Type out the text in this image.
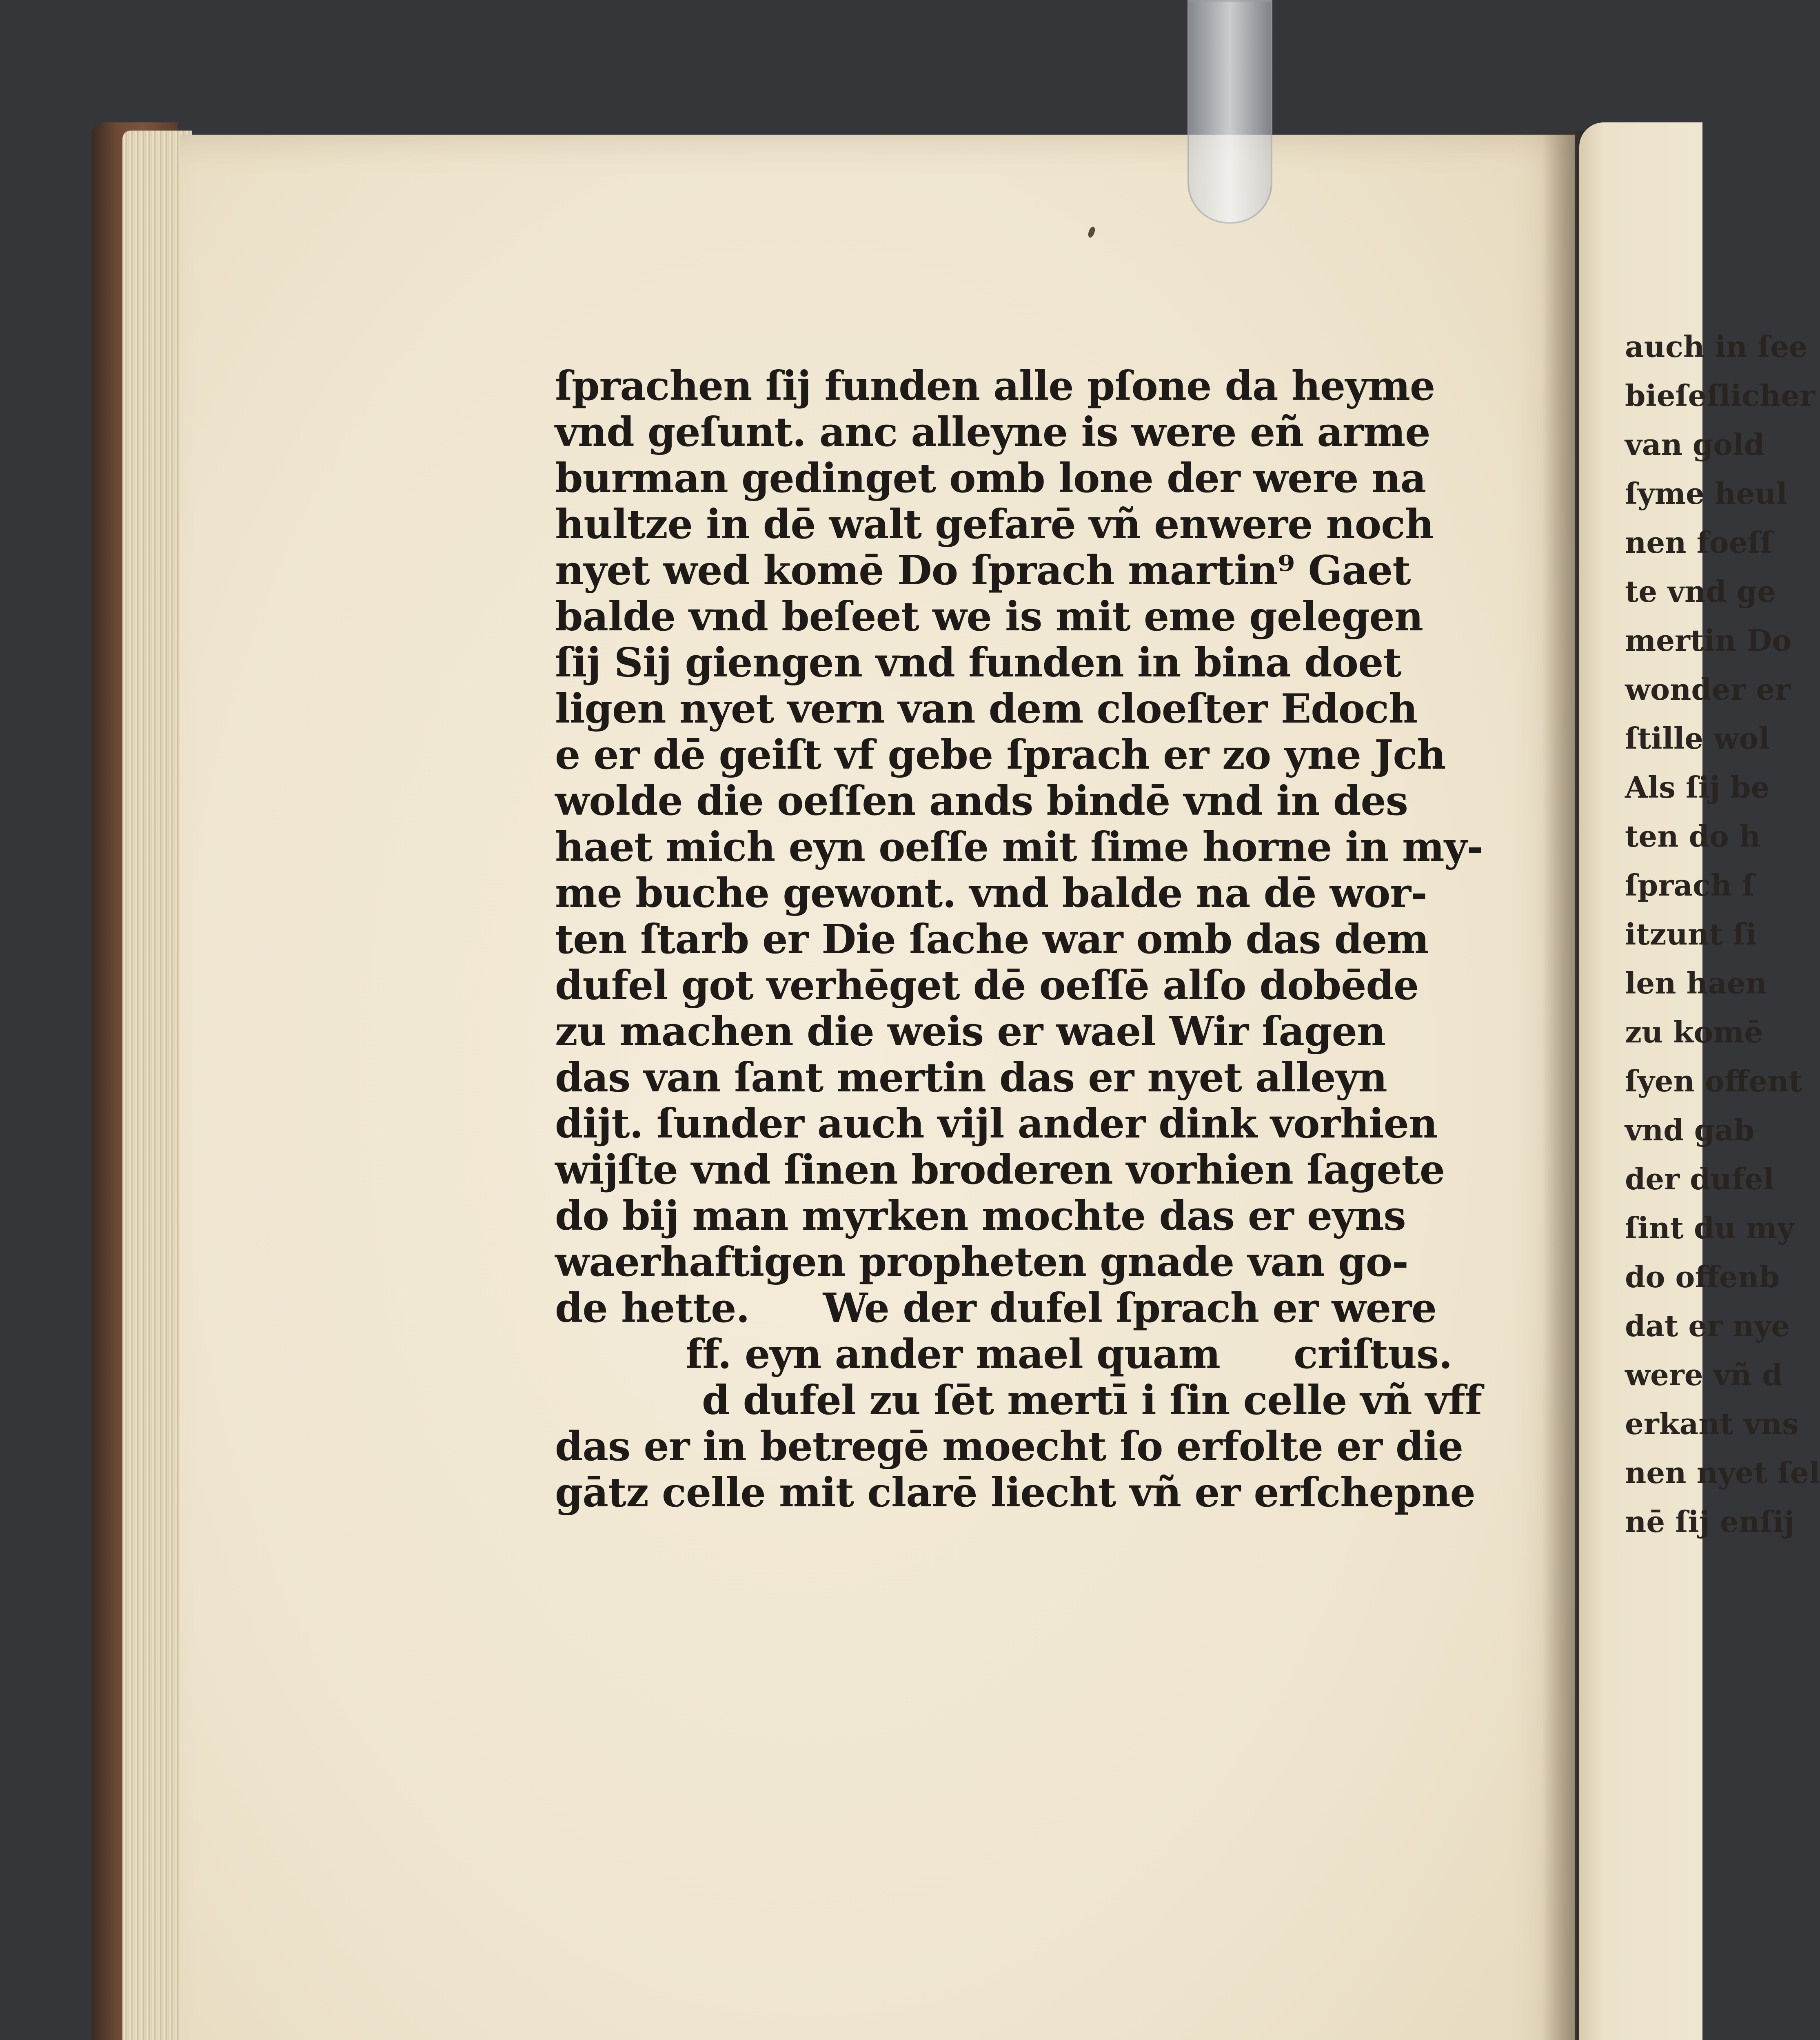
ſprachen ſij funden alle pſone da heyme
vnd geſunt. anc alleyne is were eñ arme
burman gedinget omb lone der were na
hultze in dē walt gefarē vñ enwere noch
nyet wed komē Do ſprach martin⁹ Gaet
balde vnd beſeet we is mit eme gelegen
ſij Sij giengen vnd funden in bina doet
ligen nyet vern van dem cloeſter Edoch
e er dē geiſt vf gebe ſprach er zo yne Jch
wolde die oeſſen ands bindē vnd in des
haet mich eyn oeſſe mit ſime horne in my-
me buche gewont. vnd balde na dē wor-
ten ſtarb er Die ſache war omb das dem
dufel got verhēget dē oeſſē alſo dobēde
zu machen die weis er wael Wir ſagen
das van ſant mertin das er nyet alleyn
dijt. ſunder auch vijl ander dink vorhien
wijſte vnd ſinen broderen vorhien ſagete
do bij man myrken mochte das er eyns
waerhaftigen propheten gnade van go-
de hette. We der dufel ſprach er were
ff. eyn ander mael quam criſtus.
d dufel zu ſēt mertī i ſin celle vñ vff
das er in betregē moecht ſo erfolte er die
gātz celle mit clarē liecht vñ er erſchepne
auch in ſee
bieſeſlicher
van gold
ſyme heul
nen foeſſ
te vnd ge
mertin Do
wonder er
ſtille wol
Als ſij be
ten do h
ſprach ſ
itzunt ſi
len haen
zu komē
ſyen offent
vnd gab
der dufel
ſint du my
do offenb
dat er nye
were vñ d
erkant vns
nen nyet ſel
nē ſij enſij
